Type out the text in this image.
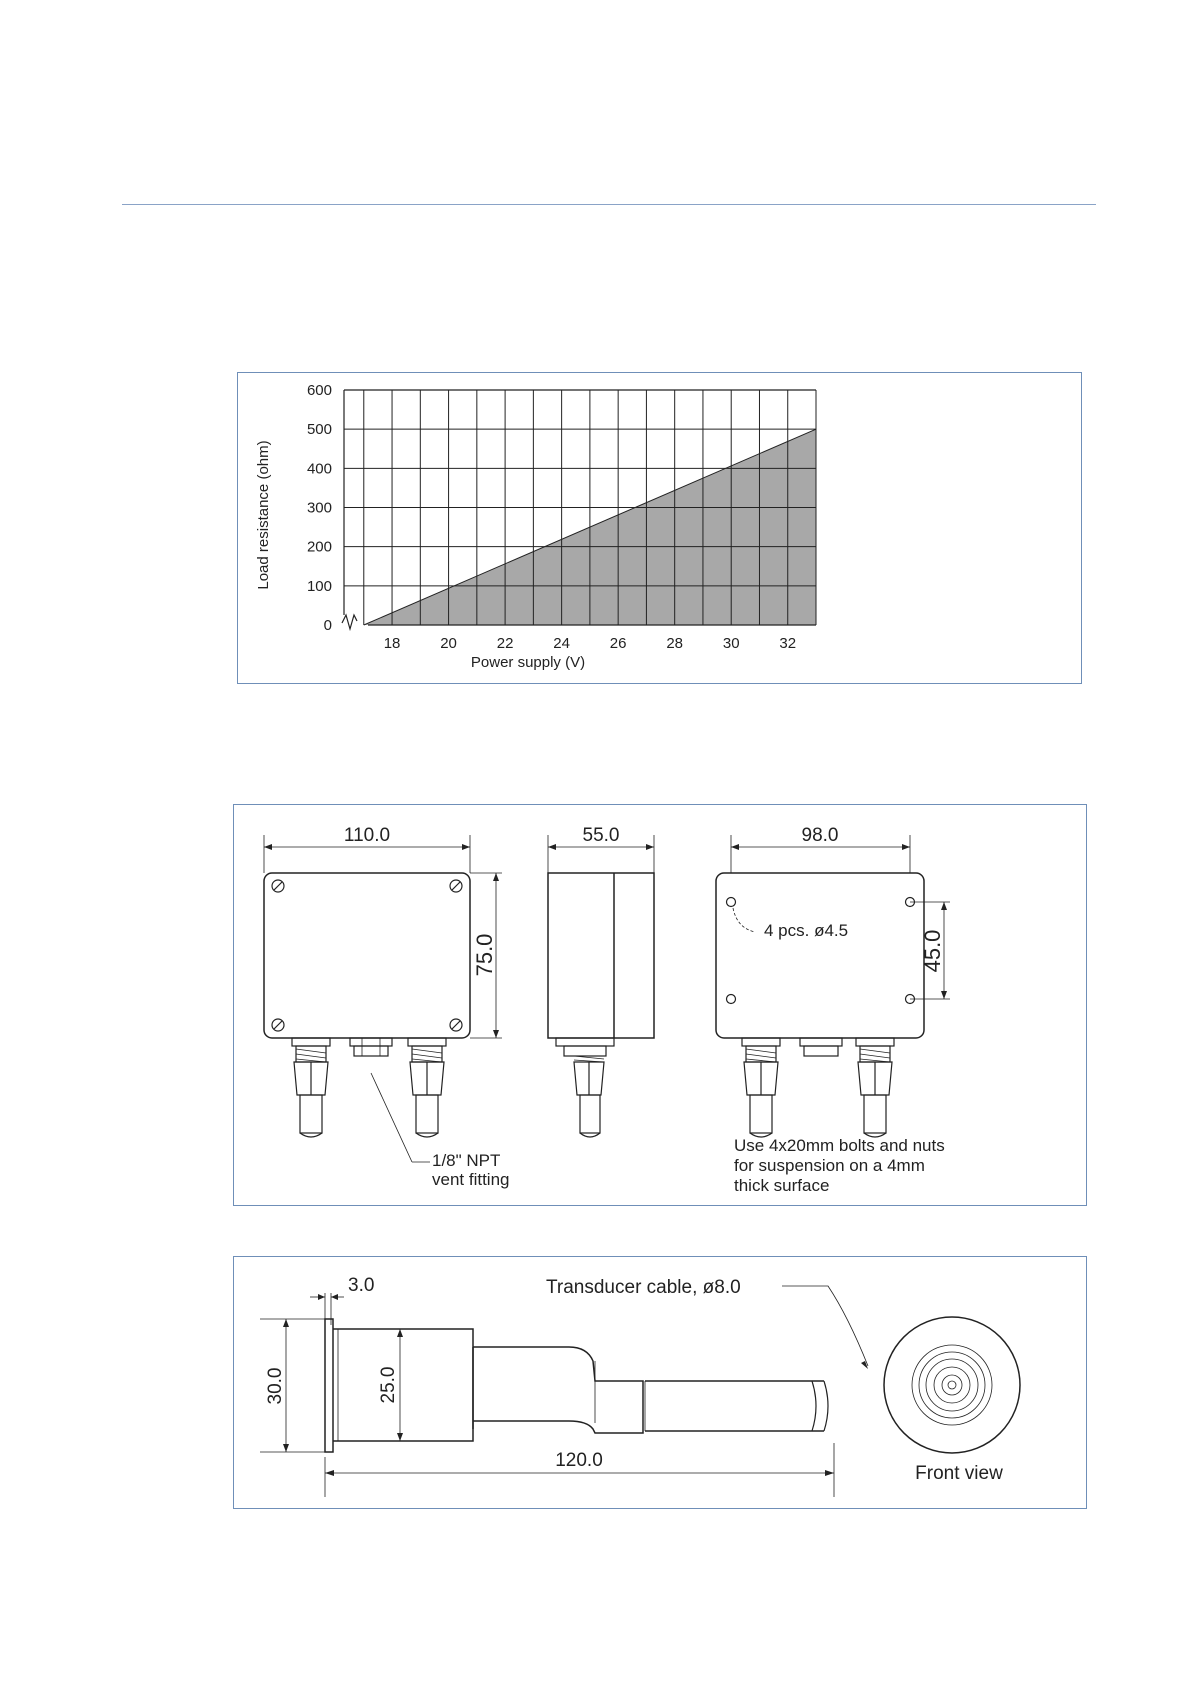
18	20	22	24	26	28	30	32
0
100
200
300
400
500
600
Power supply (V)
Load resistance (ohm)
110.0
75.0
1/8" NPT
vent fitting
55.0	98.0
4 pcs. ø4.5	45.0
Use 4x20mm bolts and nuts
for suspension on a 4mm
thick surface
3.0
30.0	25.0
Transducer cable, ø8.0
120.0
Front view
